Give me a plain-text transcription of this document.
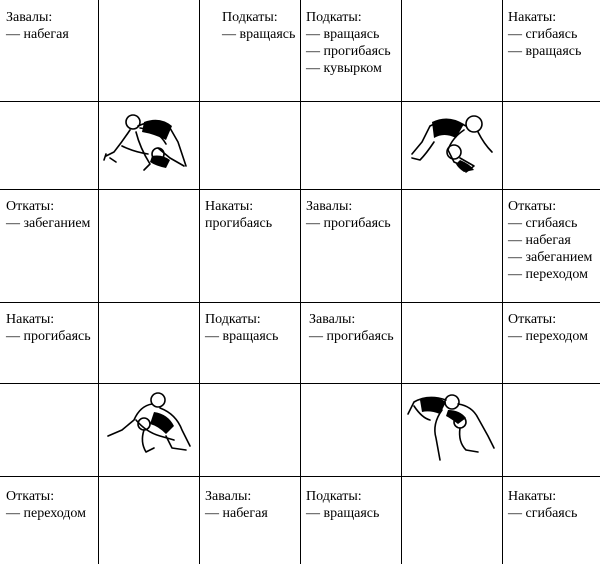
Завалы:
— набегая
Подкаты:
— вращаясь
Подкаты:
— вращаясь
— прогибаясь
— кувырком
Накаты:
— сгибаясь
— вращаясь
Откаты:
— забеганием
Накаты:
прогибаясь
Завалы:
— прогибаясь
Откаты:
— сгибаясь
— набегая
— забеганием
— переходом
Накаты:
— прогибаясь
Подкаты:
— вращаясь
Завалы:
— прогибаясь
Откаты:
— переходом
Откаты:
— переходом
Завалы:
— набегая
Подкаты:
— вращаясь
Накаты:
— сгибаясь
